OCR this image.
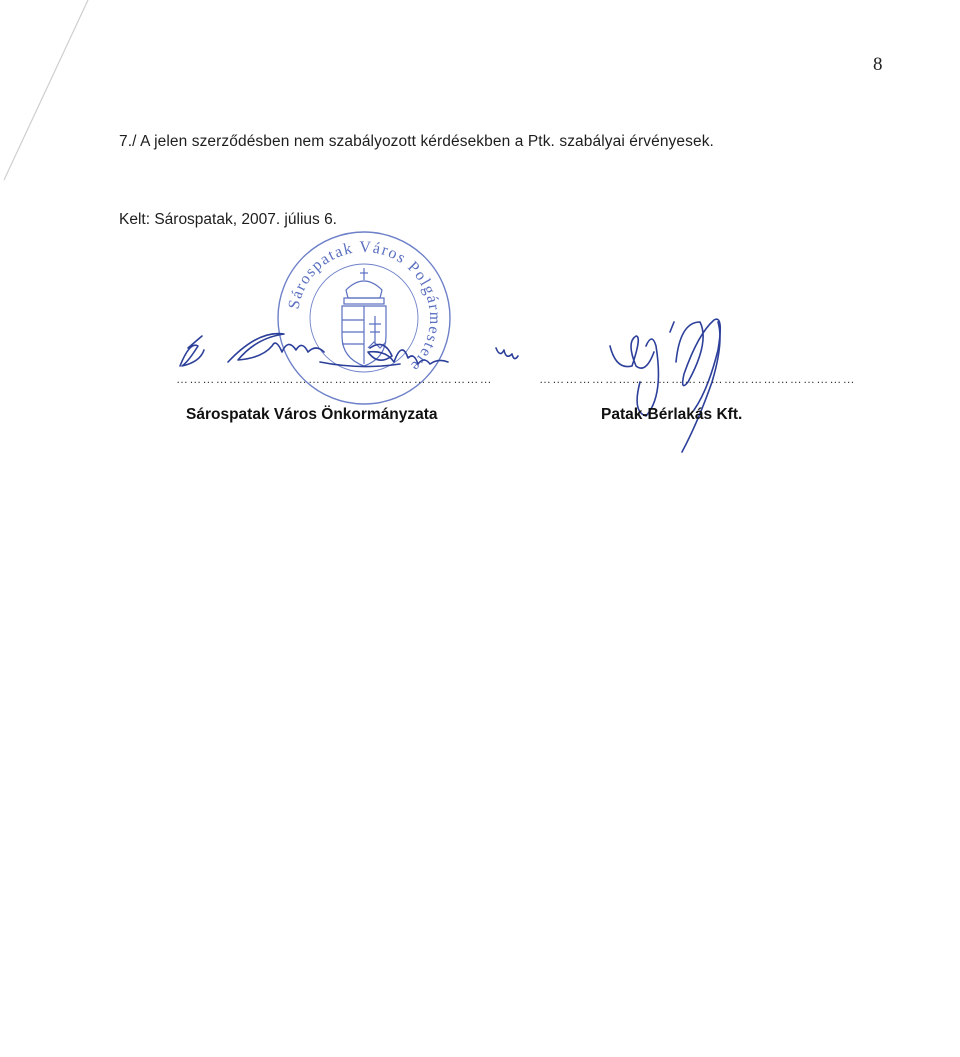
8
7./ A jelen szerződésben nem szabályozott kérdésekben a Ptk. szabályai érvényesek.
Kelt: Sárospatak, 2007. július 6.
Sárospatak Város Polgármestere
………………………………………………………………	………………………………………………………………
Sárospatak Város Önkormányzata	Patak-Bérlakás Kft.
